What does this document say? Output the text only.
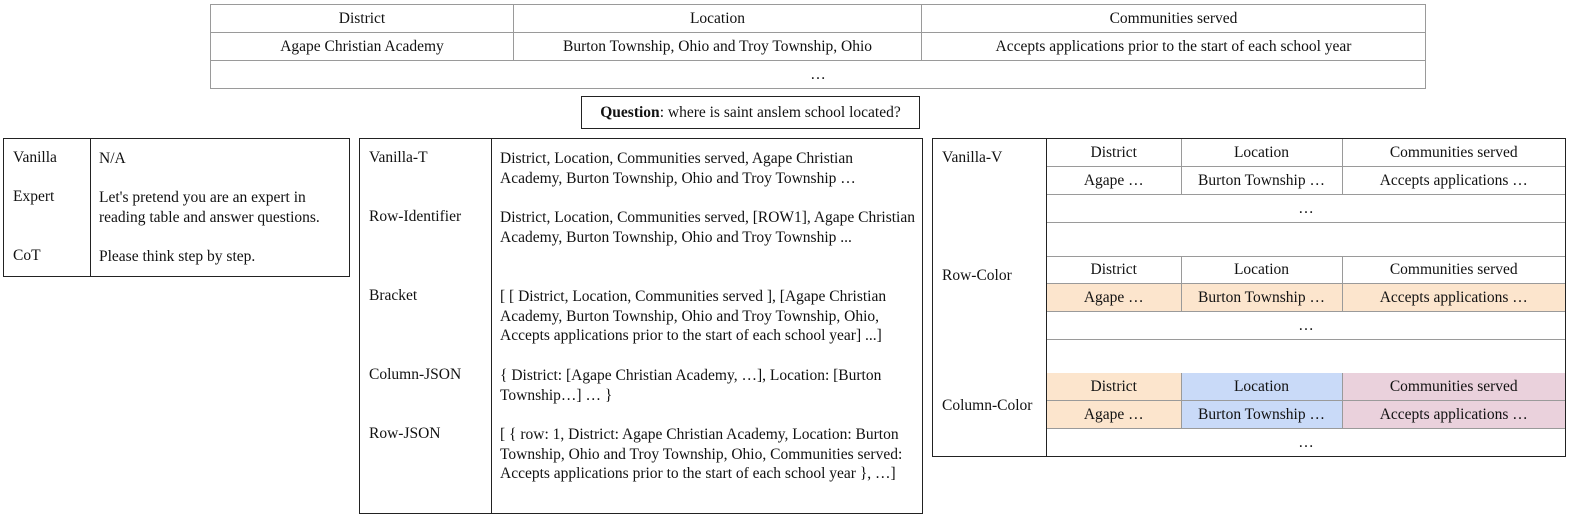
District	Location	Communities served
Agape Christian Academy	Burton Township, Ohio and Troy Township, Ohio	Accepts applications prior to the start of each school year
…		
Question: where is saint anslem school located?
Vanilla	N/A
Expert	Let's pretend you are an expert in reading table and answer questions.
CoT	Please think step by step.
Vanilla-T	District, Location, Communities served, Agape Christian Academy, Burton Township, Ohio and Troy Township …
Row-Identifier	District, Location, Communities served, [ROW1], Agape Christian Academy, Burton Township, Ohio and Troy Township ...
Bracket	[ [ District, Location, Communities served ], [Agape Christian Academy, Burton Township, Ohio and Troy Township, Ohio, Accepts applications prior to the start of each school year] ...]
Column-JSON	{ District: [Agape Christian Academy, …], Location: [Burton Township…] … }
Row-JSON	[ { row: 1, District: Agape Christian Academy, Location: Burton Township, Ohio and Troy Township, Ohio, Communities served: Accepts applications prior to the start of each school year }, …]
Vanilla-V	District	Location	Communities served
Agape …	Burton Township …	Accepts applications …
…		
Row-Color	District	Location	Communities served
Agape …	Burton Township …	Accepts applications …
…		
Column-Color
District	Location	Communities served
Agape …	Burton Township …	Accepts applications …
…		
